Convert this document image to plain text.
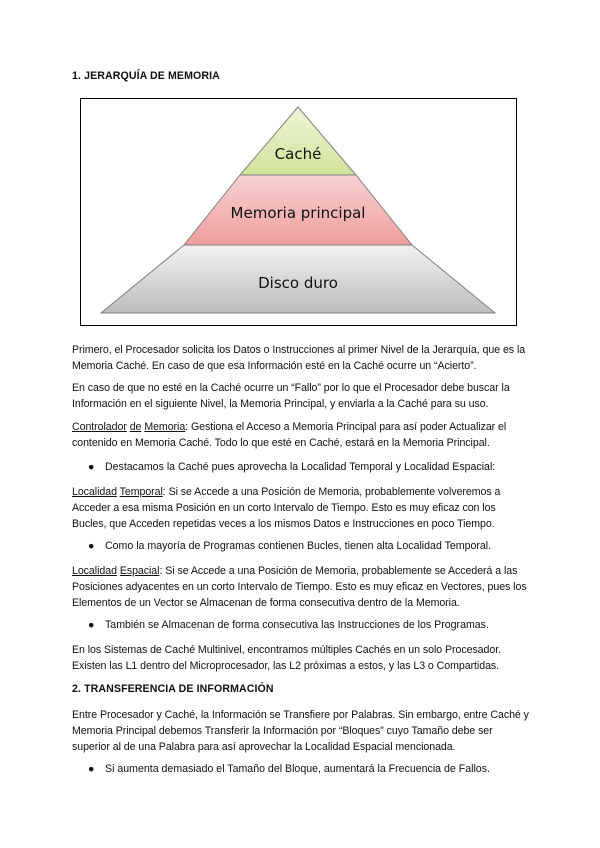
1. JERARQUÍA DE MEMORIA
Caché
Memoria principal
Disco duro

Primero, el Procesador solicita los Datos o Instrucciones al primer Nivel de la Jerarquía, que es la Memoria Caché. En caso de que esa Información esté en la Caché ocurre un “Acierto”.

En caso de que no esté en la Caché ocurre un “Fallo” por lo que el Procesador debe buscar la Información en el siguiente Nivel, la Memoria Principal, y enviarla a la Caché para su uso.

Controlador de Memoria: Gestiona el Acceso a Memoria Principal para así poder Actualizar el contenido en Memoria Caché. Todo lo que esté en Caché, estará en la Memoria Principal.

● Destacamos la Caché pues aprovecha la Localidad Temporal y Localidad Espacial:

Localidad Temporal: Si se Accede a una Posición de Memoria, probablemente volveremos a Acceder a esa misma Posición en un corto Intervalo de Tiempo. Esto es muy eficaz con los Bucles, que Acceden repetidas veces a los mismos Datos e Instrucciones en poco Tiempo.

● Como la mayoría de Programas contienen Bucles, tienen alta Localidad Temporal.

Localidad Espacial: Si se Accede a una Posición de Memoria, probablemente se Accederá a las Posiciones adyacentes en un corto Intervalo de Tiempo. Esto es muy eficaz en Vectores, pues los Elementos de un Vector se Almacenan de forma consecutiva dentro de la Memoria.

● También se Almacenan de forma consecutiva las Instrucciones de los Programas.

En los Sistemas de Caché Multinivel, encontramos múltiples Cachés en un solo Procesador. Existen las L1 dentro del Microprocesador, las L2 próximas a estos, y las L3 o Compartidas.

2. TRANSFERENCIA DE INFORMACIÓN

Entre Procesador y Caché, la Información se Transfiere por Palabras. Sin embargo, entre Caché y Memoria Principal debemos Transferir la Información por “Bloques” cuyo Tamaño debe ser superior al de una Palabra para así aprovechar la Localidad Espacial mencionada.

● Si aumenta demasiado el Tamaño del Bloque, aumentará la Frecuencia de Fallos.
